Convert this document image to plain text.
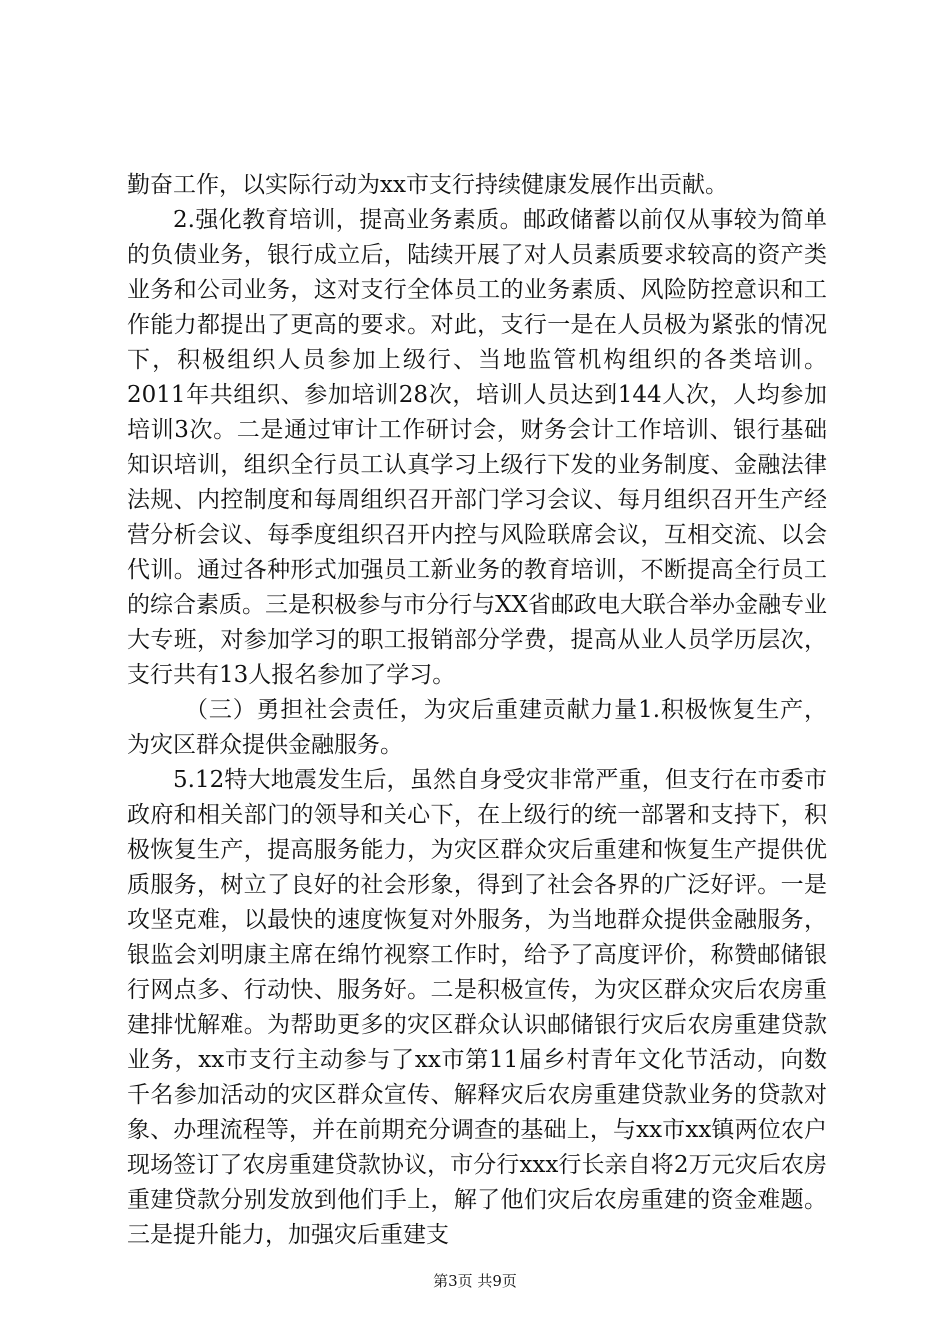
勤奋工作，以实际行动为xx市支行持续健康发展作出贡献。

2.强化教育培训，提高业务素质。邮政储蓄以前仅从事较为简单的负债业务，银行成立后，陆续开展了对人员素质要求较高的资产类业务和公司业务，这对支行全体员工的业务素质、风险防控意识和工作能力都提出了更高的要求。对此，支行一是在人员极为紧张的情况下，积极组织人员参加上级行、当地监管机构组织的各类培训。2011年共组织、参加培训28次，培训人员达到144人次，人均参加培训3次。二是通过审计工作研讨会，财务会计工作培训、银行基础知识培训，组织全行员工认真学习上级行下发的业务制度、金融法律法规、内控制度和每周组织召开部门学习会议、每月组织召开生产经营分析会议、每季度组织召开内控与风险联席会议，互相交流、以会代训。通过各种形式加强员工新业务的教育培训，不断提高全行员工的综合素质。三是积极参与市分行与XX省邮政电大联合举办金融专业大专班，对参加学习的职工报销部分学费，提高从业人员学历层次，支行共有13人报名参加了学习。

（三）勇担社会责任，为灾后重建贡献力量1.积极恢复生产，为灾区群众提供金融服务。

5.12特大地震发生后，虽然自身受灾非常严重，但支行在市委市政府和相关部门的领导和关心下，在上级行的统一部署和支持下，积极恢复生产，提高服务能力，为灾区群众灾后重建和恢复生产提供优质服务，树立了良好的社会形象，得到了社会各界的广泛好评。一是攻坚克难，以最快的速度恢复对外服务，为当地群众提供金融服务，银监会刘明康主席在绵竹视察工作时，给予了高度评价，称赞邮储银行网点多、行动快、服务好。二是积极宣传，为灾区群众灾后农房重建排忧解难。为帮助更多的灾区群众认识邮储银行灾后农房重建贷款业务，xx市支行主动参与了xx市第11届乡村青年文化节活动，向数千名参加活动的灾区群众宣传、解释灾后农房重建贷款业务的贷款对象、办理流程等，并在前期充分调查的基础上，与xx市xx镇两位农户现场签订了农房重建贷款协议，市分行xxx行长亲自将2万元灾后农房重建贷款分别发放到他们手上，解了他们灾后农房重建的资金难题。三是提升能力，加强灾后重建支

第3页 共9页
